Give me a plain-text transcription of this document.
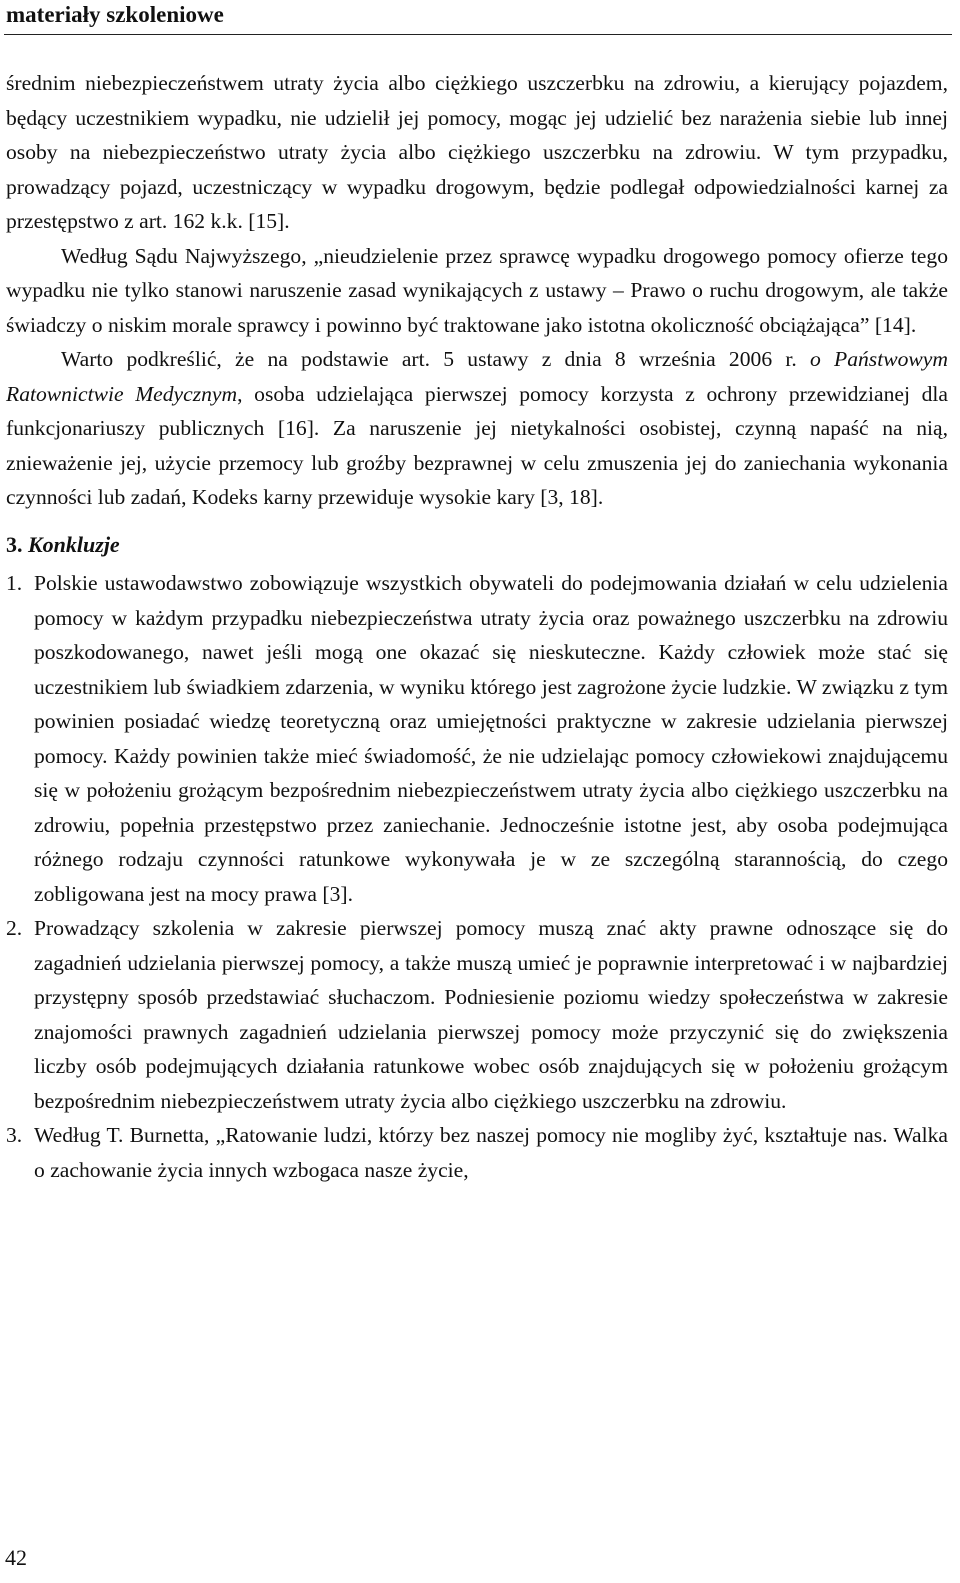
materiały szkoleniowe

średnim niebezpieczeństwem utraty życia albo ciężkiego uszczerbku na zdrowiu, a kierujący pojazdem, będący uczestnikiem wypadku, nie udzielił jej pomocy, mogąc jej udzielić bez narażenia siebie lub innej osoby na niebezpieczeństwo utraty życia albo ciężkiego uszczerbku na zdrowiu. W tym przypadku, prowadzący pojazd, uczestniczący w wypadku drogowym, będzie podlegał odpowiedzialności karnej za przestępstwo z art. 162 k.k. [15].

Według Sądu Najwyższego, „nieudzielenie przez sprawcę wypadku drogowego pomocy ofierze tego wypadku nie tylko stanowi naruszenie zasad wynikających z ustawy – Prawo o ruchu drogowym, ale także świadczy o niskim morale sprawcy i powinno być traktowane jako istotna okoliczność obciążająca” [14].

Warto podkreślić, że na podstawie art. 5 ustawy z dnia 8 września 2006 r. o Państwowym Ratownictwie Medycznym, osoba udzielająca pierwszej pomocy korzysta z ochrony przewidzianej dla funkcjonariuszy publicznych [16]. Za naruszenie jej nietykalności osobistej, czynną napaść na nią, znieważenie jej, użycie przemocy lub groźby bezprawnej w celu zmuszenia jej do zaniechania wykonania czynności lub zadań, Kodeks karny przewiduje wysokie kary [3, 18].

3. Konkluzje
1. Polskie ustawodawstwo zobowiązuje wszystkich obywateli do podejmowania działań w celu udzielenia pomocy w każdym przypadku niebezpieczeństwa utraty życia oraz poważnego uszczerbku na zdrowiu poszkodowanego, nawet jeśli mogą one okazać się nieskuteczne. Każdy człowiek może stać się uczestnikiem lub świadkiem zdarzenia, w wyniku którego jest zagrożone życie ludzkie. W związku z tym powinien posiadać wiedzę teoretyczną oraz umiejętności praktyczne w zakresie udzielania pierwszej pomocy. Każdy powinien także mieć świadomość, że nie udzielając pomocy człowiekowi znajdującemu się w położeniu grożącym bezpośrednim niebezpieczeństwem utraty życia albo ciężkiego uszczerbku na zdrowiu, popełnia przestępstwo przez zaniechanie. Jednocześnie istotne jest, aby osoba podejmująca różnego rodzaju czynności ratunkowe wykonywała je w ze szczególną starannością, do czego zobligowana jest na mocy prawa [3].
2. Prowadzący szkolenia w zakresie pierwszej pomocy muszą znać akty prawne odnoszące się do zagadnień udzielania pierwszej pomocy, a także muszą umieć je poprawnie interpretować i w najbardziej przystępny sposób przedstawiać słuchaczom. Podniesienie poziomu wiedzy społeczeństwa w zakresie znajomości prawnych zagadnień udzielania pierwszej pomocy może przyczynić się do zwiększenia liczby osób podejmujących działania ratunkowe wobec osób znajdujących się w położeniu grożącym bezpośrednim niebezpieczeństwem utraty życia albo ciężkiego uszczerbku na zdrowiu.
3. Według T. Burnetta, „Ratowanie ludzi, którzy bez naszej pomocy nie mogliby żyć, kształtuje nas. Walka o zachowanie życia innych wzbogaca nasze życie,
42
